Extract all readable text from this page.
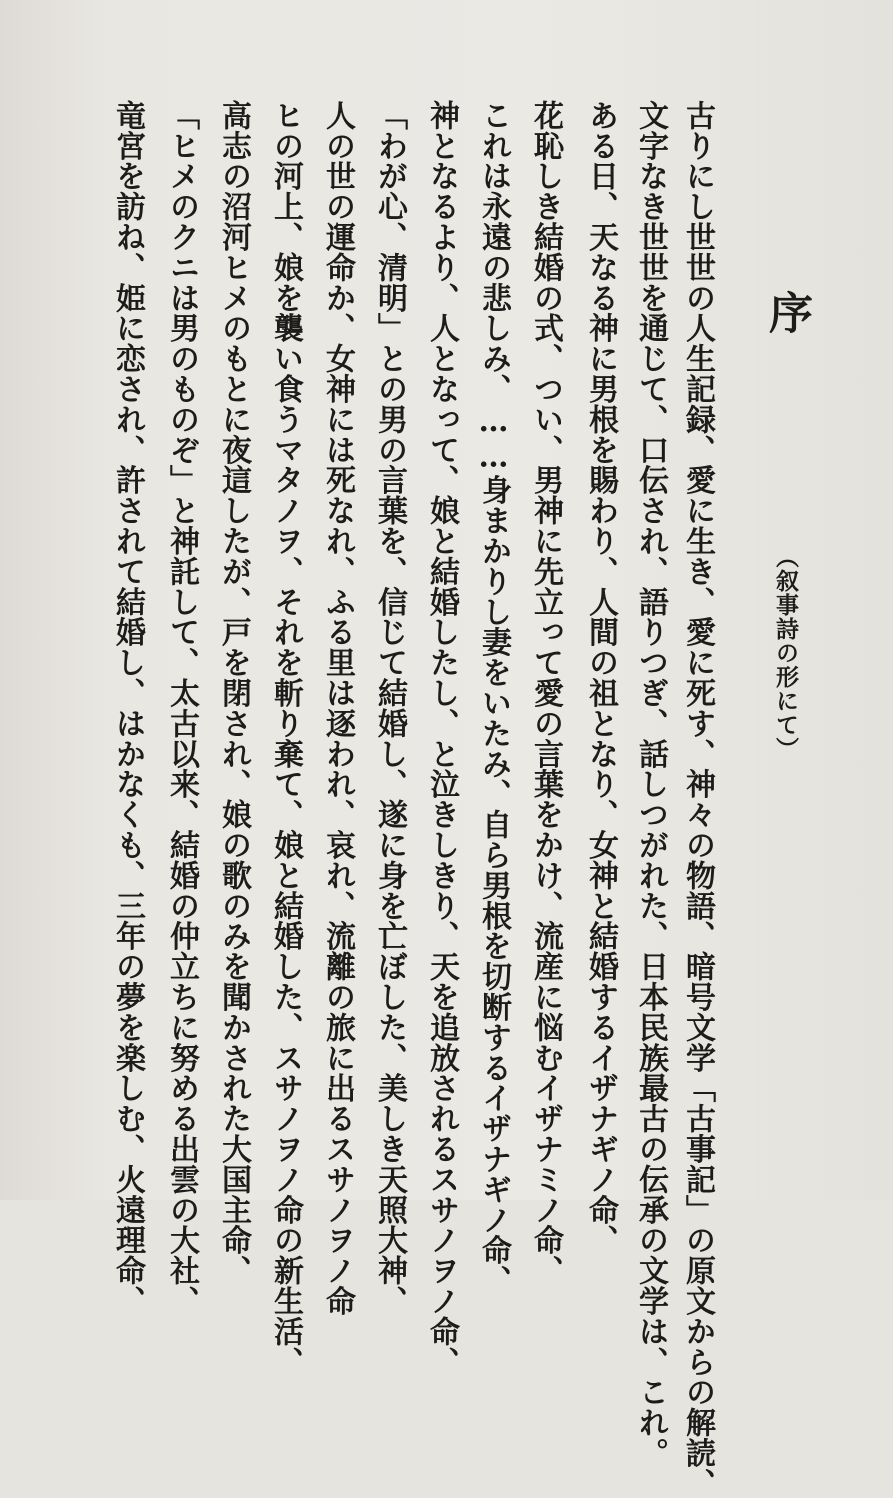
序
（叙事詩の形にて）
古りにし世世の人生記録、愛に生き、愛に死す、神々の物語、暗号文学「古事記」の原文からの解読、
文字なき世世を通じて、口伝され、語りつぎ、話しつがれた、日本民族最古の伝承の文学は、これ。
ある日、天なる神に男根を賜わり、人間の祖となり、女神と結婚するイザナギノ命、
花恥しき結婚の式、つい、男神に先立って愛の言葉をかけ、流産に悩むイザナミノ命、
これは永遠の悲しみ、……身まかりし妻をいたみ、自ら男根を切断するイザナギノ命、
神となるより、人となって、娘と結婚したし、と泣きしきり、天を追放されるスサノヲノ命、
「わが心、清明」との男の言葉を、信じて結婚し、遂に身を亡ぼした、美しき天照大神、
人の世の運命か、女神には死なれ、ふる里は逐われ、哀れ、流離の旅に出るスサノヲノ命
ヒの河上、娘を襲い食うマタノヲ、それを斬り棄て、娘と結婚した、スサノヲノ命の新生活、
高志の沼河ヒメのもとに夜這したが、戸を閉され、娘の歌のみを聞かされた大国主命、
「ヒメのクニは男のものぞ」と神託して、太古以来、結婚の仲立ちに努める出雲の大社、
竜宮を訪ね、姫に恋され、許されて結婚し、はかなくも、三年の夢を楽しむ、火遠理命、
